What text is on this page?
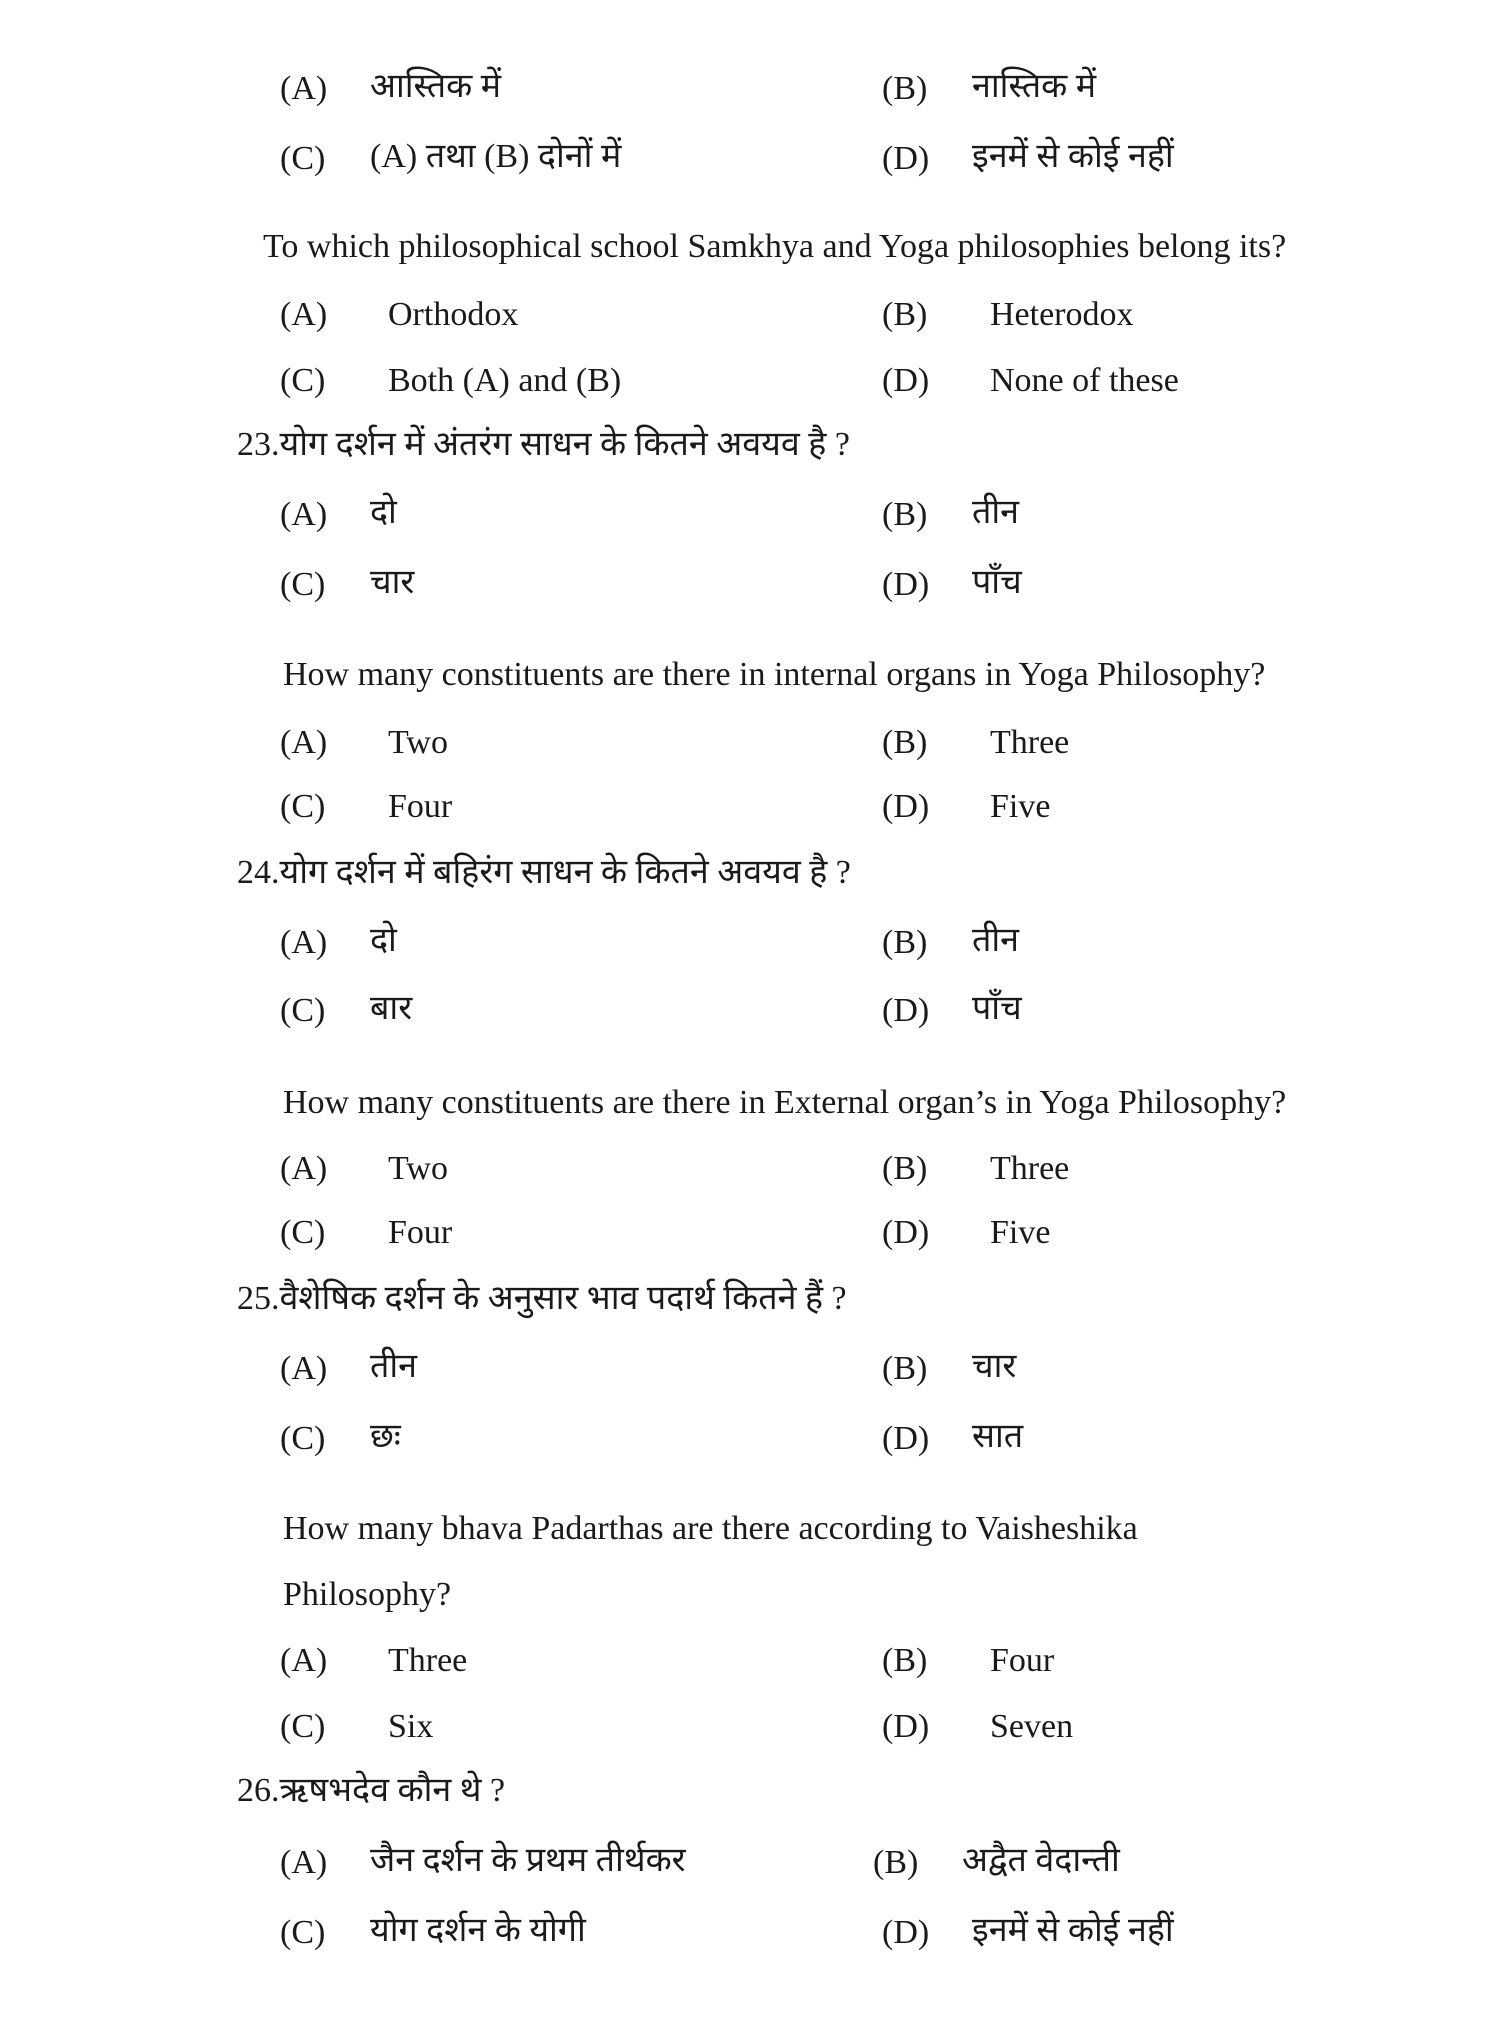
(A) आस्तिक में	(B) नास्तिक में
(C) (A) तथा (B) दोनों में	(D) इनमें से कोई नहीं
To which philosophical school Samkhya and Yoga philosophies belong its?
(A) Orthodox	(B) Heterodox
(C) Both (A) and (B)	(D) None of these
23.योग दर्शन में अंतरंग साधन के कितने अवयव है ?
(A) दो	(B) तीन
(C) चार	(D) पाँच
How many constituents are there in internal organs in Yoga Philosophy?
(A) Two	(B) Three
(C) Four	(D) Five
24.योग दर्शन में बहिरंग साधन के कितने अवयव है ?
(A) दो	(B) तीन
(C) बार	(D) पाँच
How many constituents are there in External organ’s in Yoga Philosophy?
(A) Two	(B) Three
(C) Four	(D) Five
25.वैशेषिक दर्शन के अनुसार भाव पदार्थ कितने हैं ?
(A) तीन	(B) चार
(C) छः	(D) सात
How many bhava Padarthas are there according to Vaisheshika
Philosophy?
(A) Three	(B) Four
(C) Six	(D) Seven
26.ऋषभदेव कौन थे ?
(A) जैन दर्शन के प्रथम तीर्थकर	(B) अद्वैत वेदान्ती
(C) योग दर्शन के योगी	(D) इनमें से कोई नहीं
